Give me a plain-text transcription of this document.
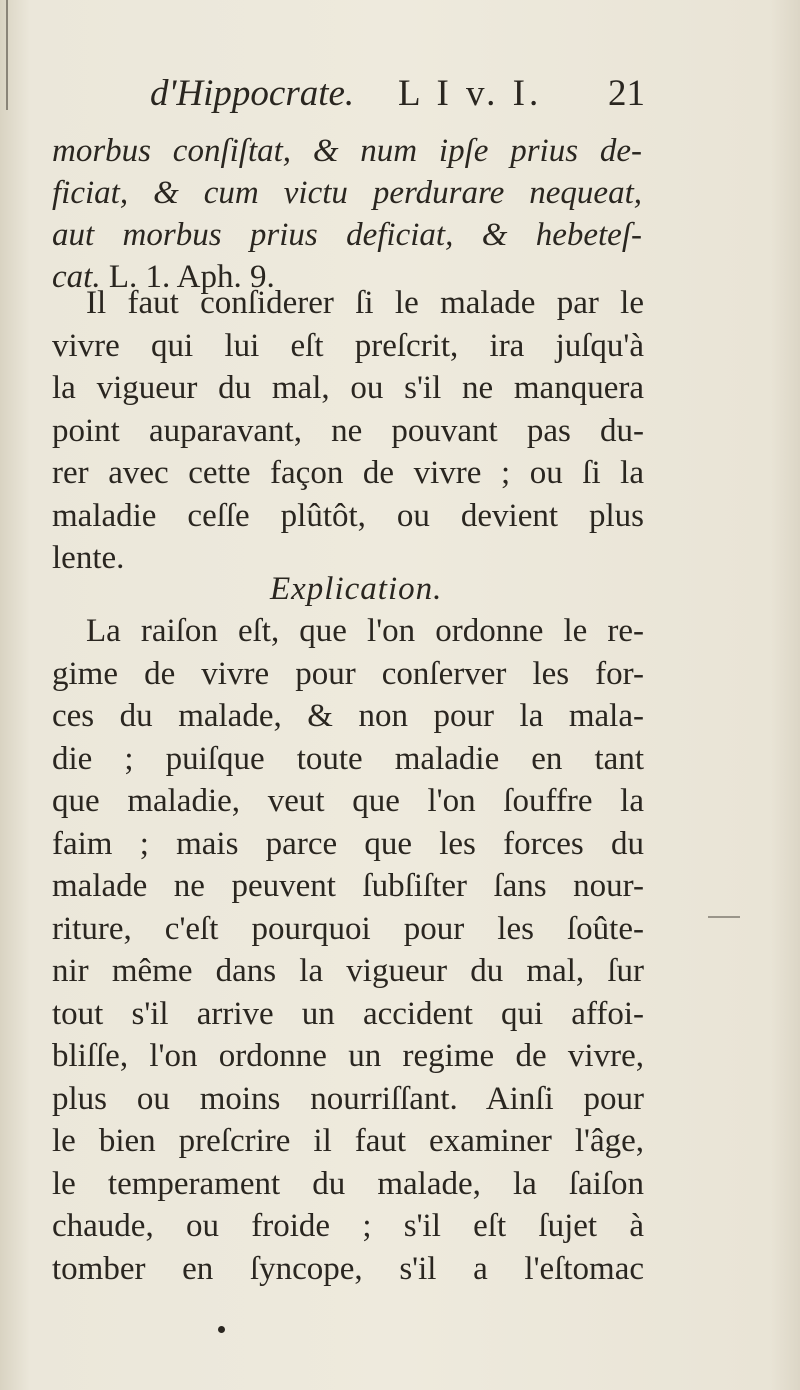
d'Hippocrate. L I v. I. 21
morbus conſiſtat, & num ipſe prius de-
ficiat, & cum victu perdurare nequeat,
aut morbus prius deficiat, & hebeteſ-
cat. L. 1. Aph. 9.
Il faut conſiderer ſi le malade par le
vivre qui lui eſt preſcrit, ira juſqu'à
la vigueur du mal, ou s'il ne manquera
point auparavant, ne pouvant pas du-
rer avec cette façon de vivre ; ou ſi la
maladie ceſſe plûtôt, ou devient plus
lente.
Explication.
La raiſon eſt, que l'on ordonne le re-
gime de vivre pour conſerver les for-
ces du malade, & non pour la mala-
die ; puiſque toute maladie en tant
que maladie, veut que l'on ſouffre la
faim ; mais parce que les forces du
malade ne peuvent ſubſiſter ſans nour-
riture, c'eſt pourquoi pour les ſoûte-
nir même dans la vigueur du mal, ſur
tout s'il arrive un accident qui affoi-
bliſſe, l'on ordonne un regime de vivre,
plus ou moins nourriſſant. Ainſi pour
le bien preſcrire il faut examiner l'âge,
le temperament du malade, la ſaiſon
chaude, ou froide ; s'il eſt ſujet à
tomber en ſyncope, s'il a l'eſtomac
